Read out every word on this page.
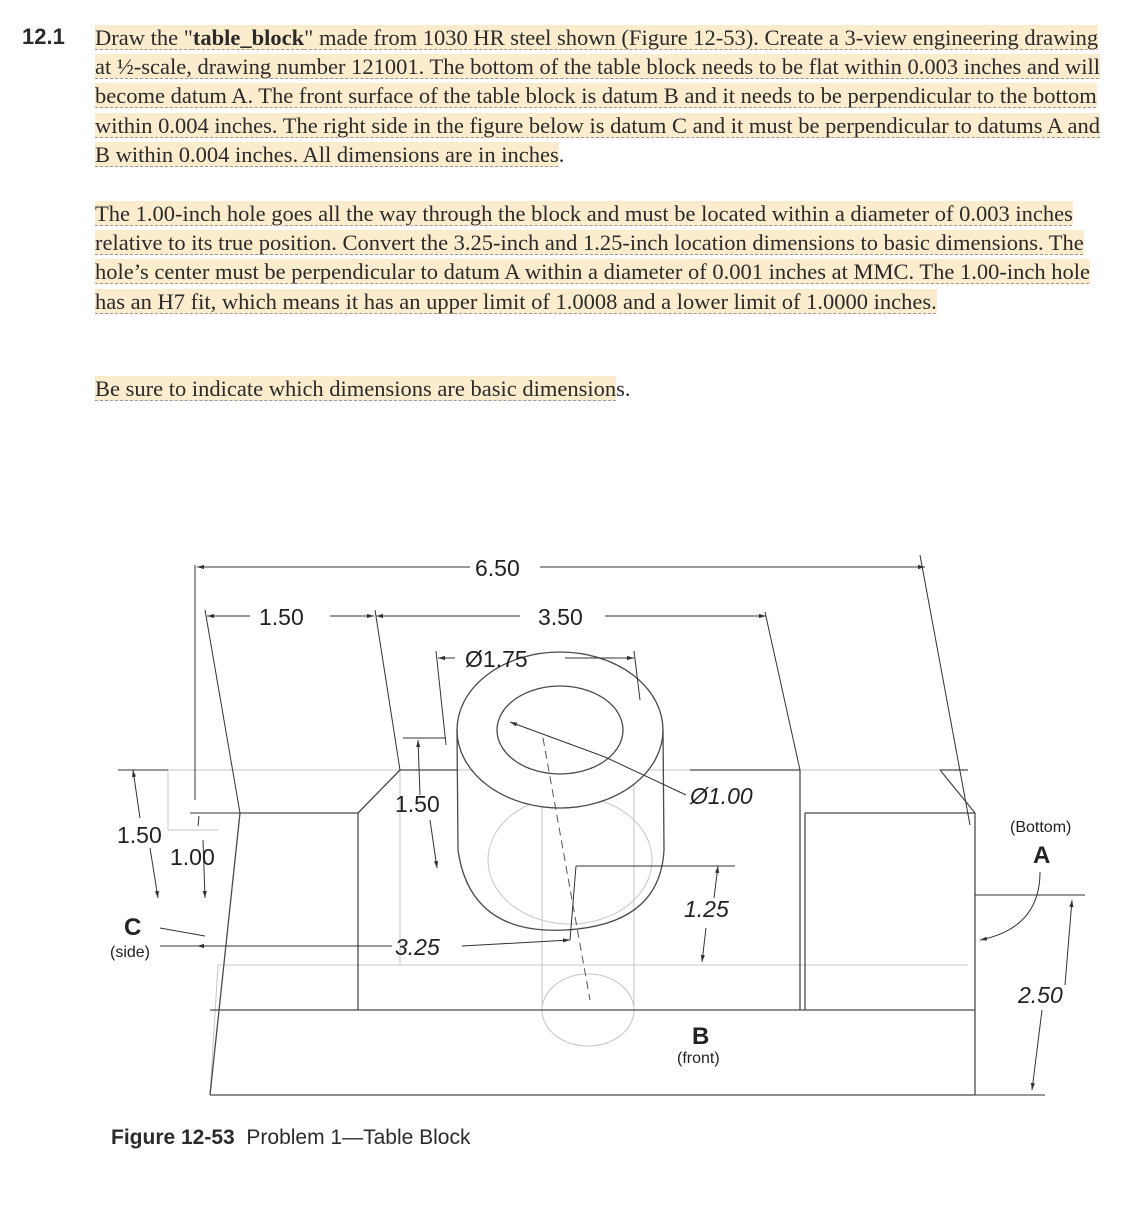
12.1 Draw the "table_block" made from 1030 HR steel shown (Figure 12-53). Create a 3-view engineering drawing at ½-scale, drawing number 121001. The bottom of the table block needs to be flat within 0.003 inches and will become datum A. The front surface of the table block is datum B and it needs to be perpendicular to the bottom within 0.004 inches. The right side in the figure below is datum C and it must be perpendicular to datums A and B within 0.004 inches. All dimensions are in inches.
The 1.00-inch hole goes all the way through the block and must be located within a diameter of 0.003 inches relative to its true position. Convert the 3.25-inch and 1.25-inch location dimensions to basic dimensions. The hole’s center must be perpendicular to datum A within a diameter of 0.001 inches at MMC. The 1.00-inch hole has an H7 fit, which means it has an upper limit of 1.0008 and a lower limit of 1.0000 inches.
Be sure to indicate which dimensions are basic dimensions.
6.50
1.50	3.50
Ø1.75
Ø1.00
1.50
1.50
1.00
3.25
1.25
2.50
C
(side)
(Bottom)
A
B
(front)
Figure 12-53 Problem 1—Table Block
